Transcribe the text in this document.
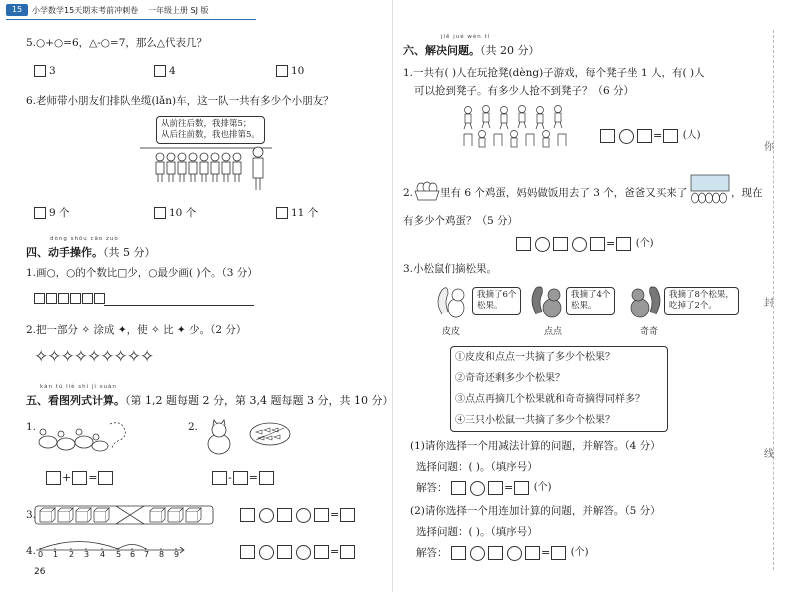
15	小学数学15天期末考前冲刺卷 一年级上册 SJ 版
5.○+○=6，△-○=7，那么△代表几？
3	4	10
6.老师带小朋友们排队坐缆(lǎn)车，这一队一共有多少个小朋友？
从前往后数，我排第5；
从后往前数，我也排第5。
9 个	10 个	11 个
dòng shǒu cāo zuò
四、动手操作。（共 5 分）
1.画○，○的个数比□少，○最少画( )个。（3 分）
2.把一部分 ✧ 涂成 ✦，使 ✧ 比 ✦ 少。（2 分）
✧✧✧✧✧✧✧✧✧
kàn tú liè shì jì suàn
五、看图列式计算。（第 1,2 题每题 2 分，第 3,4 题每题 3 分，共 10 分）
1.
+ =
2.
- =
3.	=
4. 0 1 2 3 4 5 6 7 8 9	=
26
jiě jué wèn tí
六、解决问题。（共 20 分）
1.一共有( )人在玩抢凳(dèng)子游戏，每个凳子坐 1 人，有( )人
可以抢到凳子。有多少人抢不到凳子？（6 分）
= (人)
2.	里有 6 个鸡蛋，妈妈做饭用去了 3 个，爸爸又买来了	，现在
有多少个鸡蛋？（5 分）
= (个)
3.小松鼠们摘松果。
我摘了6个
松果。
皮皮
我摘了4个
松果。
点点
我摘了8个松果，
吃掉了2个。
奇奇
①皮皮和点点一共摘了多少个松果？
②奇奇还剩多少个松果？
③点点再摘几个松果就和奇奇摘得同样多？
④三只小松鼠一共摘了多少个松果？
(1)请你选择一个用减法计算的问题，并解答。（4 分）
选择问题：( )。（填序号）
解答：	= (个)
(2)请你选择一个用连加计算的问题，并解答。（5 分）
选择问题：( )。（填序号）
解答：	= (个)
你
封
线
